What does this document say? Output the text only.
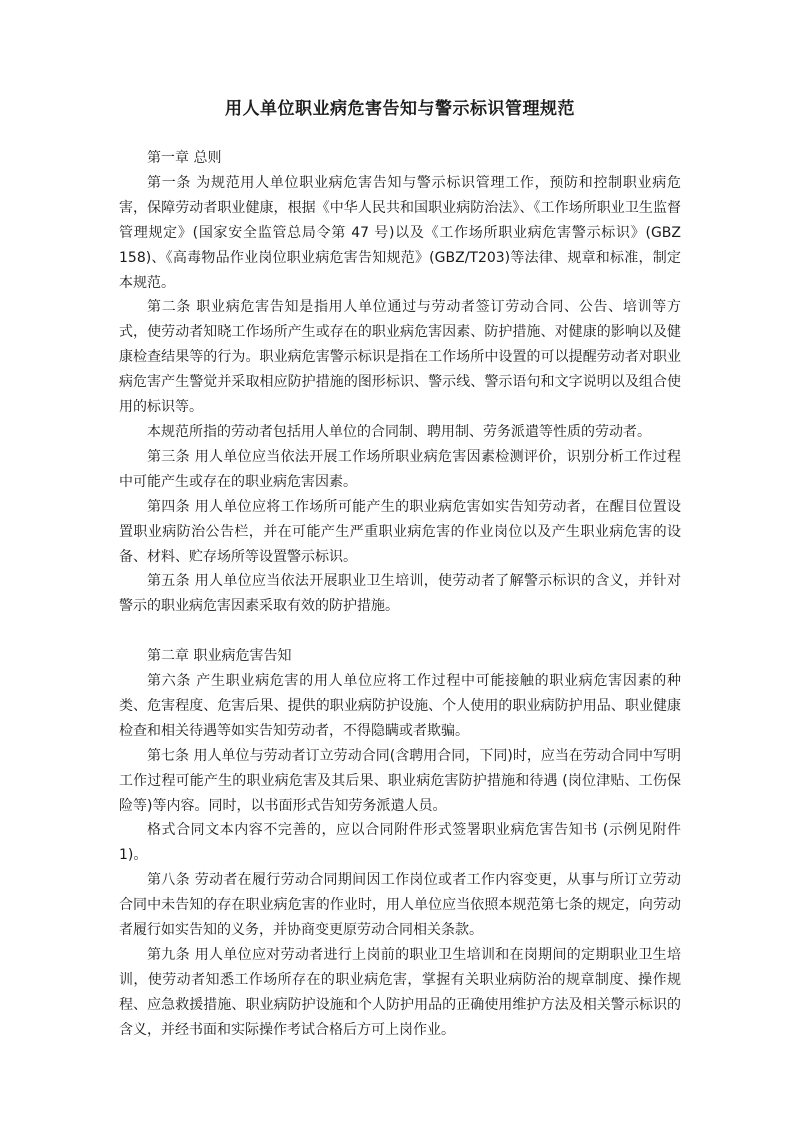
用人单位职业病危害告知与警示标识管理规范

第一章 总则

第一条 为规范用人单位职业病危害告知与警示标识管理工作，预防和控制职业病危害，保障劳动者职业健康，根据《中华人民共和国职业病防治法》、《工作场所职业卫生监督管理规定》(国家安全监管总局令第 47 号)以及《工作场所职业病危害警示标识》(GBZ 158)、《高毒物品作业岗位职业病危害告知规范》(GBZ/T203)等法律、规章和标准，制定本规范。

第二条 职业病危害告知是指用人单位通过与劳动者签订劳动合同、公告、培训等方式，使劳动者知晓工作场所产生或存在的职业病危害因素、防护措施、对健康的影响以及健康检查结果等的行为。职业病危害警示标识是指在工作场所中设置的可以提醒劳动者对职业病危害产生警觉并采取相应防护措施的图形标识、警示线、警示语句和文字说明以及组合使用的标识等。

本规范所指的劳动者包括用人单位的合同制、聘用制、劳务派遣等性质的劳动者。

第三条 用人单位应当依法开展工作场所职业病危害因素检测评价，识别分析工作过程中可能产生或存在的职业病危害因素。

第四条 用人单位应将工作场所可能产生的职业病危害如实告知劳动者，在醒目位置设置职业病防治公告栏，并在可能产生严重职业病危害的作业岗位以及产生职业病危害的设备、材料、贮存场所等设置警示标识。

第五条 用人单位应当依法开展职业卫生培训，使劳动者了解警示标识的含义，并针对警示的职业病危害因素采取有效的防护措施。

第二章 职业病危害告知

第六条 产生职业病危害的用人单位应将工作过程中可能接触的职业病危害因素的种类、危害程度、危害后果、提供的职业病防护设施、个人使用的职业病防护用品、职业健康检查和相关待遇等如实告知劳动者，不得隐瞒或者欺骗。

第七条 用人单位与劳动者订立劳动合同(含聘用合同，下同)时，应当在劳动合同中写明工作过程可能产生的职业病危害及其后果、职业病危害防护措施和待遇 (岗位津贴、工伤保险等)等内容。同时，以书面形式告知劳务派遣人员。

格式合同文本内容不完善的，应以合同附件形式签署职业病危害告知书 (示例见附件 1)。

第八条 劳动者在履行劳动合同期间因工作岗位或者工作内容变更，从事与所订立劳动合同中未告知的存在职业病危害的作业时，用人单位应当依照本规范第七条的规定，向劳动者履行如实告知的义务，并协商变更原劳动合同相关条款。

第九条 用人单位应对劳动者进行上岗前的职业卫生培训和在岗期间的定期职业卫生培训，使劳动者知悉工作场所存在的职业病危害，掌握有关职业病防治的规章制度、操作规程、应急救援措施、职业病防护设施和个人防护用品的正确使用维护方法及相关警示标识的含义，并经书面和实际操作考试合格后方可上岗作业。
